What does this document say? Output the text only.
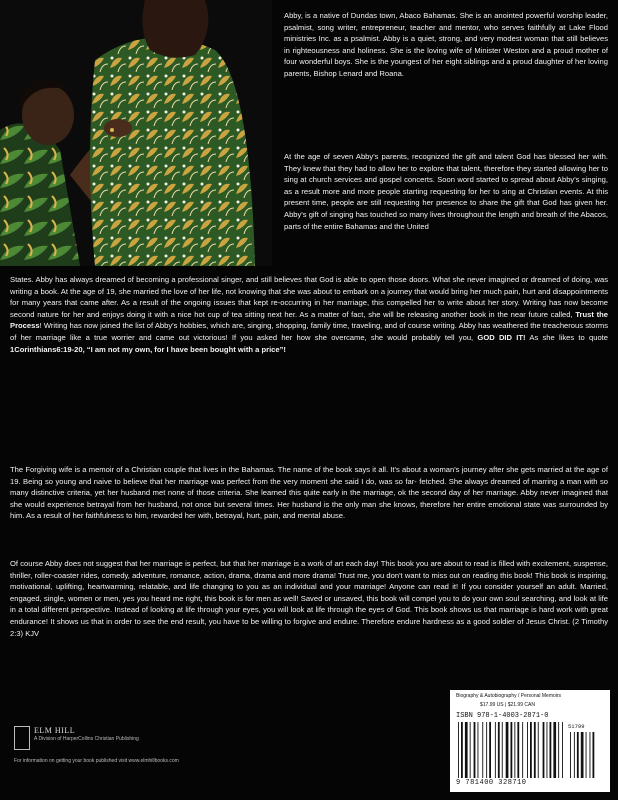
Abby, is a native of Dundas town, Abaco Bahamas. She is an anointed powerful worship leader, psalmist, song writer, entrepreneur, teacher and mentor, who serves faithfully at Lake Flood ministries Inc. as a psalmist. Abby is a quiet, strong, and very modest woman that still believes in righteousness and holiness. She is the loving wife of Minister Weston and a proud mother of four wonderful boys. She is the youngest of her eight siblings and a proud daughter of her loving parents, Bishop Lenard and Roana.

At the age of seven Abby's parents, recognized the gift and talent God has blessed her with. They knew that they had to allow her to explore that talent, therefore they started allowing her to sing at church services and gospel concerts. Soon word started to spread about Abby's singing, as a result more and more people starting requesting for her to sing at Christian events. At this present time, people are still requesting her presence to share the gift that God has given her. Abby's gift of singing has touched so many lives throughout the length and breath of the Abacos, parts of the entire Bahamas and the United

States. Abby has always dreamed of becoming a professional singer, and still believes that God is able to open those doors. What she never imagined or dreamed of doing, was writing a book. At the age of 19, she married the love of her life, not knowing that she was about to embark on a journey that would bring her much pain, hurt and disappointments for many years that came after. As a result of the ongoing issues that kept re-occurring in her marriage, this compelled her to write about her story. Writing has now become second nature for her and enjoys doing it with a nice hot cup of tea sitting next her. As a matter of fact, she will be releasing another book in the near future called, Trust the Process! Writing has now joined the list of Abby's hobbies, which are, singing, shopping, family time, traveling, and of course writing. Abby has weathered the treacherous storms of her marriage like a true worrier and came out victorious! If you asked her how she overcame, she would probably tell you, GOD DID IT! As she likes to quote 1Corinthians6:19-20, “I am not my own, for I have been bought with a price”!

The Forgiving wife is a memoir of a Christian couple that lives in the Bahamas. The name of the book says it all. It's about a woman's journey after she gets married at the age of 19. Being so young and naive to believe that her marriage was perfect from the very moment she said I do, was so far- fetched. She always dreamed of marring a man with so many distinctive criteria, yet her husband met none of those criteria. She learned this quite early in the marriage, ok the second day of her marriage. Abby never imagined that she would experience betrayal from her husband, not once but several times. Her husband is the only man she knows, therefore her entire emotional state was surrounded by him. As a result of her faithfulness to him, rewarded her with, betrayal, hurt, pain, and mental abuse.

Of course Abby does not suggest that her marriage is perfect, but that her marriage is a work of art each day! This book you are about to read is filled with excitement, suspense, thriller, roller-coaster rides, comedy, adventure, romance, action, drama, drama and more drama! Trust me, you don't want to miss out on reading this book! This book is inspiring, motivational, uplifting, heartwarming, relatable, and life changing to you as an individual and your marriage! Anyone can read it! If you consider yourself an adult. Married, engaged, single, women or men, yes you heard me right, this book is for men as well! Saved or unsaved, this book will compel you to do your own soul searching, and look at life in a total different perspective. Instead of looking at life through your eyes, you will look at life through the eyes of God. This book shows us that marriage is hard work with great endurance! It shows us that in order to see the end result, you have to be willing to forgive and endure. Therefore endure hardness as a good soldier of Jesus Christ. (2 Timothy 2:3) KJV

ELM HILL
A Division of HarperCollins Christian Publishing
For information on getting your book published visit www.elmhillbooks.com
Biography & Autobiography / Personal Memoirs
$17.99 US | $21.99 CAN
ISBN 978-1-4003-2871-0
51799
9 781400 328710
